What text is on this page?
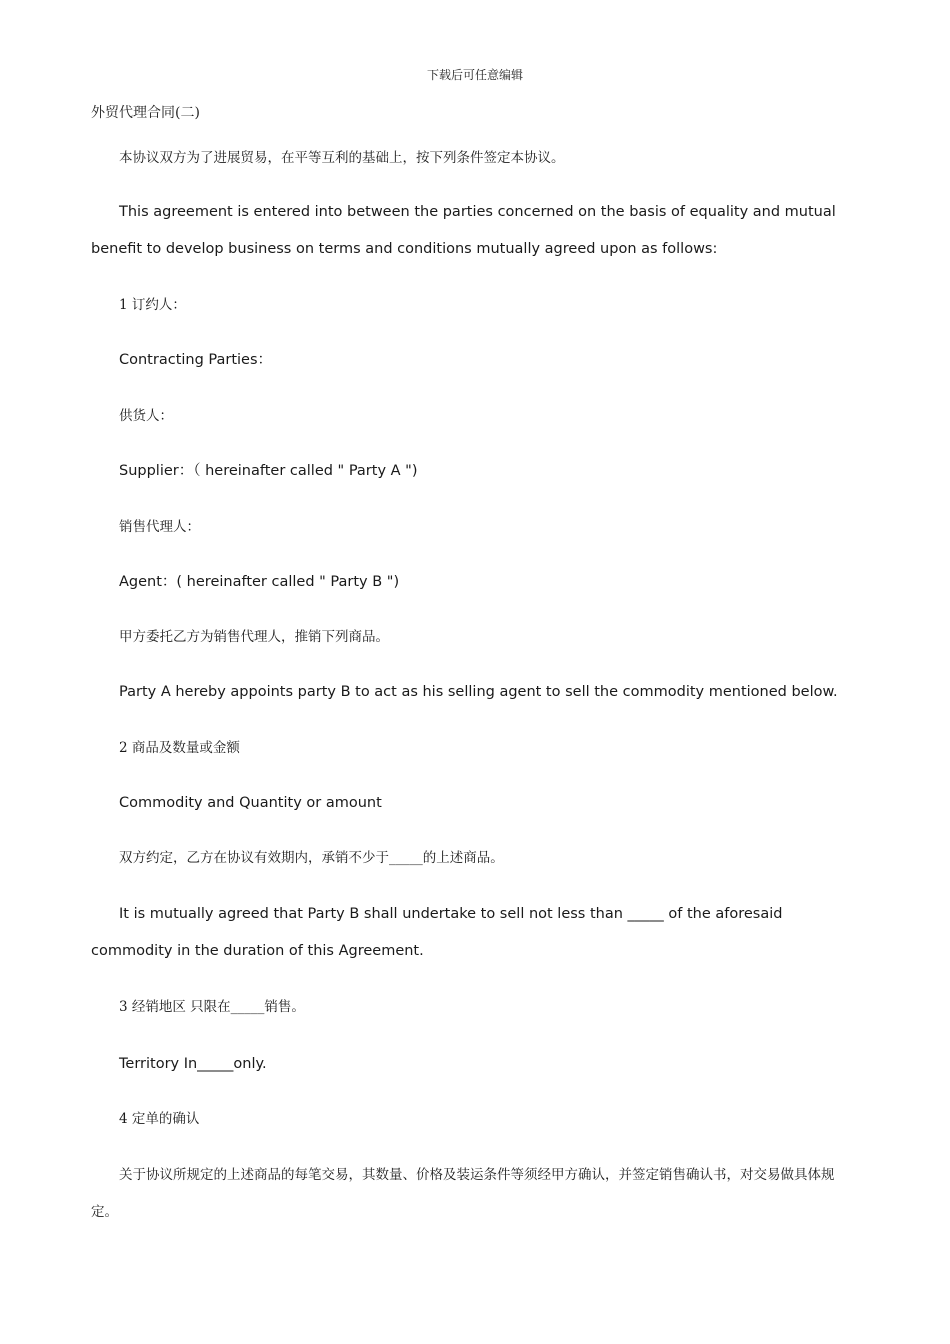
下载后可任意编辑
外贸代理合同(二)

本协议双方为了进展贸易，在平等互利的基础上，按下列条件签定本协议。

This agreement is entered into between the parties concerned on the basis of equality and mutual benefit to develop business on terms and conditions mutually agreed upon as follows:

1 订约人：

Contracting Parties：

供货人：

Supplier：（ hereinafter called " Party A ")

销售代理人：

Agent：( hereinafter called " Party B ")

甲方委托乙方为销售代理人，推销下列商品。

Party A hereby appoints party B to act as his selling agent to sell the commodity mentioned below.

2 商品及数量或金额

Commodity and Quantity or amount

双方约定，乙方在协议有效期内，承销不少于_____的上述商品。

It is mutually agreed that Party B shall undertake to sell not less than _____ of the aforesaid commodity in the duration of this Agreement.

3 经销地区 只限在_____销售。

Territory In_____only.

4 定单的确认

关于协议所规定的上述商品的每笔交易，其数量、价格及装运条件等须经甲方确认，并签定销售确认书，对交易做具体规定。
